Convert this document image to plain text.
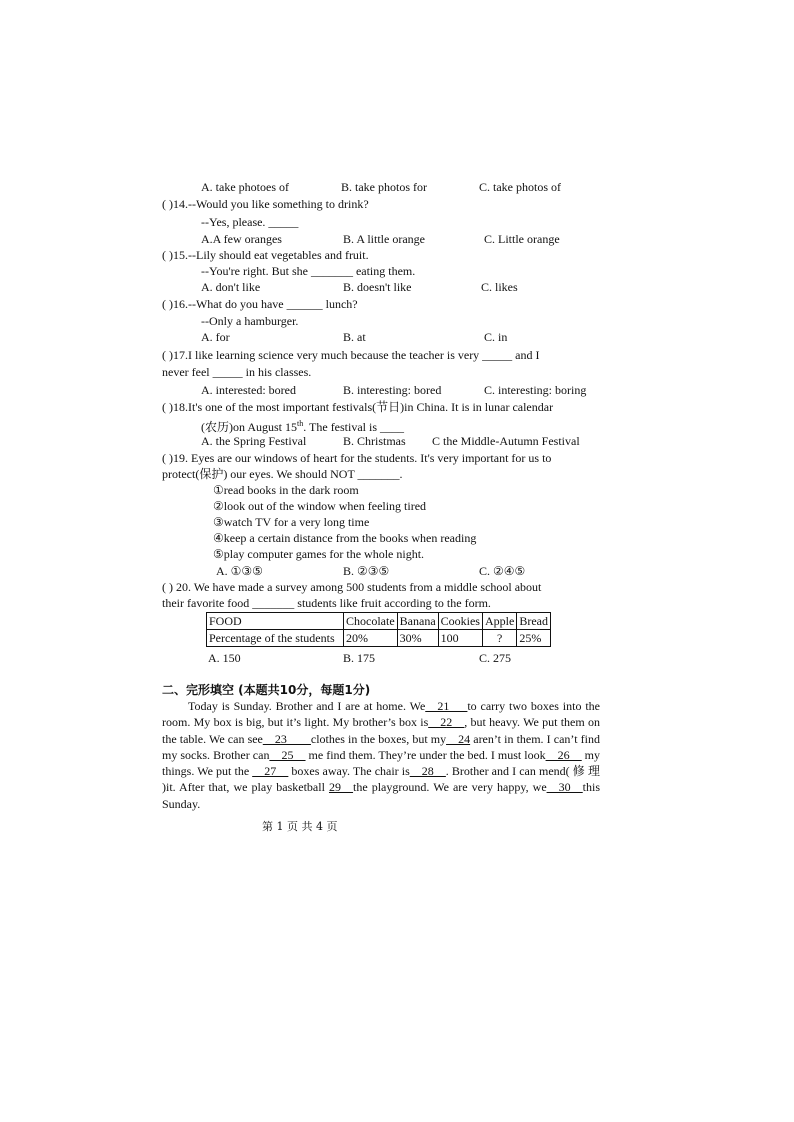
A. take photoes of	B. take photos for	C. take photos of
( )14.--Would you like something to drink?
--Yes, please. _____
A.A few oranges	B. A little orange	C. Little orange
( )15.--Lily should eat vegetables and fruit.
--You're right. But she _______ eating them.
A. don't like	B. doesn't like	C. likes
( )16.--What do you have ______ lunch?
--Only a hamburger.
A. for	B. at	C. in
( )17.I like learning science very much because the teacher is very _____ and I
never feel _____ in his classes.
A. interested: bored	B. interesting: bored	C. interesting: boring
( )18.It's one of the most important festivals(节日)in China. It is in lunar calendar
(农历)on August 15th. The festival is ____
A. the Spring Festival	B. Christmas C the Middle-Autumn Festival
( )19. Eyes are our windows of heart for the students. It's very important for us to
protect(保护) our eyes. We should NOT _______.
①read books in the dark room
②look out of the window when feeling tired
③watch TV for a very long time
④keep a certain distance from the books when reading
⑤play computer games for the whole night.
A. ①③⑤	B. ②③⑤	C. ②④⑤
( ) 20. We have made a survey among 500 students from a middle school about
their favorite food _______ students like fruit according to the form.
FOOD	Chocolate	Banana	Cookies	Apple	Bread
Percentage of the students	20%	30%	100	?	25%
A. 150	B. 175	C. 275
二、完形填空 (本题共10分，每题1分)
Today is Sunday. Brother and I are at home. We__21___to carry two boxes into the room. My box is big, but it’s light. My brother’s box is__22__, but heavy. We put them on the table. We can see__23____clothes in the boxes, but my__24 aren’t in them. I can’t find my socks. Brother can__25__ me find them. They’re under the bed. I must look__26__ my things. We put the __27__ boxes away. The chair is__28__. Brother and I can mend( 修 理 )it. After that, we play basketball 29__the playground. We are very happy, we__30__this Sunday.
第 1 页 共 4 页
